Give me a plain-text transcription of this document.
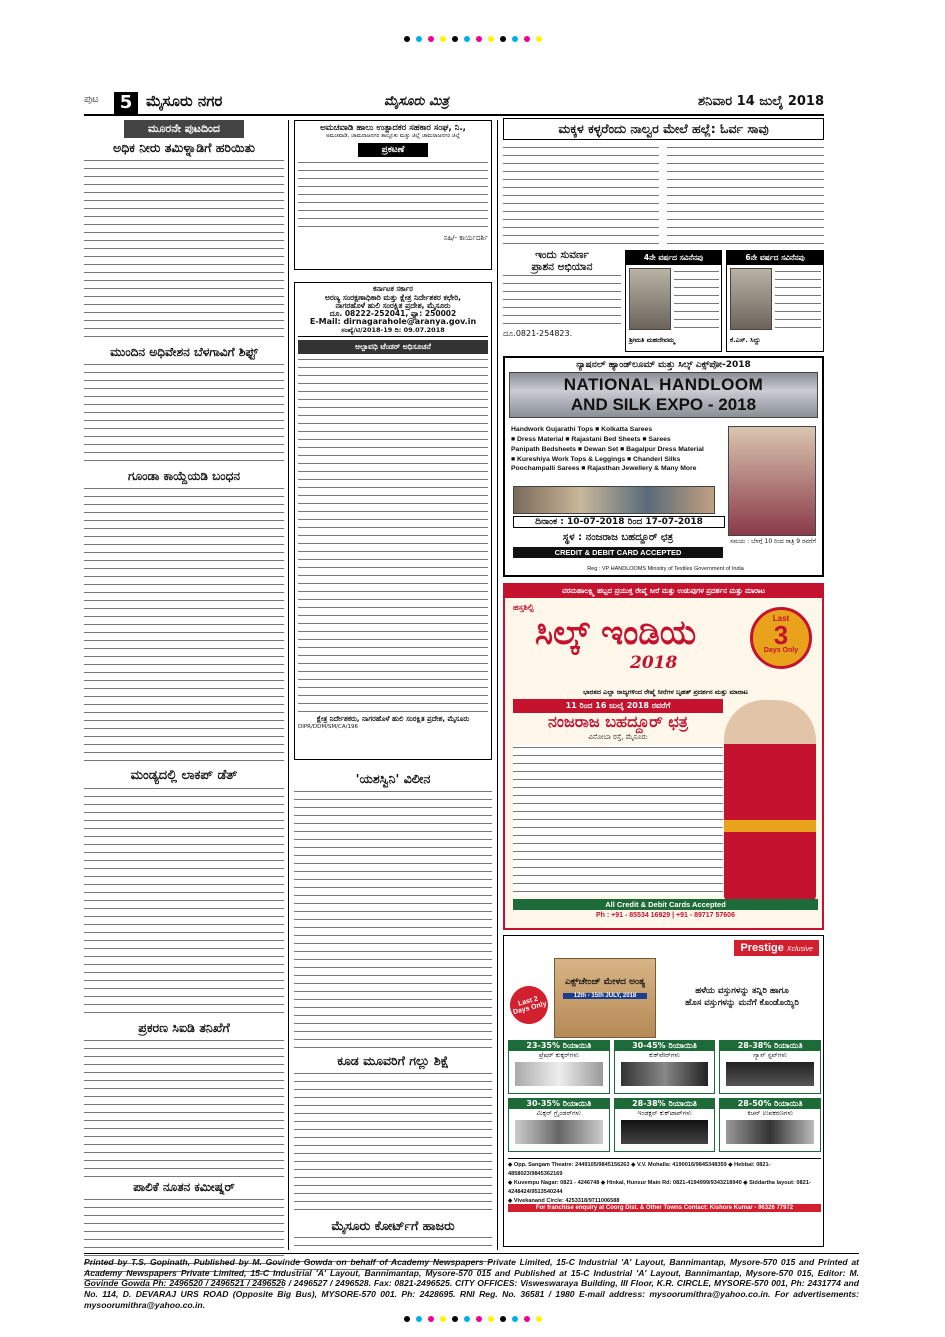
ಪುಟ	5 ಮೈಸೂರು ನಗರ	ಮೈಸೂರು ಮಿತ್ರ	ಶನಿವಾರ 14 ಜುಲೈ 2018
ಮೂರನೇ ಪುಟದಿಂದ
ಅಧಿಕ ನೀರು ತಮಿಳ್ನಾಡಿಗೆ ಹರಿಯಿತು
ಮುಂದಿನ ಅಧಿವೇಶನ ಬೆಳಗಾವಿಗೆ ಶಿಫ್ಟ್
ಗೂಂಡಾ ಕಾಯ್ದೆಯಡಿ ಬಂಧನ
ಮಂಡ್ಯದಲ್ಲಿ ಲಾಕಪ್ ಡೆತ್
ಪ್ರಕರಣ ಸಿಐಡಿ ತನಿಖೆಗೆ
ಪಾಲಿಕೆ ನೂತನ ಕಮೀಷ್ನರ್
ಅಮಚವಾಡಿ ಹಾಲು ಉತ್ಪಾದಕರ ಸಹಕಾರ ಸಂಘ, ನಿ.,
ಅಮಚವಾಡಿ, ಚಾಮರಾಜನಗರ ತಾಲ್ಲೂಕು ಮತ್ತು ಜಿಲ್ಲೆ ಚಾಮರಾಜನಗರ ಜಿಲ್ಲೆ
ಪ್ರಕಟಣೆ
ಸಹಿ/- ಕಾರ್ಯದರ್ಶಿ
ಕರ್ನಾಟಕ ಸರ್ಕಾರ
ಅರಣ್ಯ ಸಂರಕ್ಷಣಾಧಿಕಾರಿ ಮತ್ತು ಕ್ಷೇತ್ರ ನಿರ್ದೇಶಕರ ಕಛೇರಿ,
ನಾಗರಹೊಳೆ ಹುಲಿ ಸಂರಕ್ಷಿತ ಪ್ರದೇಶ, ಮೈಸೂರು
ದೂ. 08222-252041, ಫ್ಯಾ: 250002
E-Mail: dirnagarahole@aranya.gov.in
ಸಂಖ್ಯೆ/ಟಿ/2018-19 ದಿ: 09.07.2018
ಅಲ್ಪಾವಧಿ ಟೆಂಡರ್ ಅಧಿಸೂಚನೆ
ಕ್ಷೇತ್ರ ನಿರ್ದೇಶಕರು, ನಾಗರಹೊಳೆ ಹುಲಿ ಸಂರಕ್ಷಿತ ಪ್ರದೇಶ, ಮೈಸೂರು
DIPR/DDM/SM/CA/196
'ಯಶಸ್ವಿನಿ' ವಿಲೀನ
ಕೂಡ ಮೂವರಿಗೆ ಗಲ್ಲು ಶಿಕ್ಷೆ
ಮೈಸೂರು ಕೋರ್ಟ್‌ಗೆ ಹಾಜರು
ಮಕ್ಕಳ ಕಳ್ಳರೆಂದು ನಾಲ್ವರ ಮೇಲೆ ಹಲ್ಲೆ: ಓರ್ವ ಸಾವು
ಇಂದು ಸುವರ್ಣ
ಪ್ರಾಶನ ಅಭಿಯಾನ
ದೂ.0821-254823.
4ನೇ ವರ್ಷದ ಸವಿನೆನಪು
ಶ್ರೀಮತಿ ಮಹದೇವಮ್ಮ
6ನೇ ವರ್ಷದ ಸವಿನೆನಪು
ಕೆ.ಎಸ್. ಸಿದ್ದು
ನ್ಯಾಷನಲ್ ಹ್ಯಾಂಡ್‌ಲೂಮ್ ಮತ್ತು ಸಿಲ್ಕ್ ಎಕ್ಸ್‌ಪೋ-2018
NATIONAL HANDLOOM
AND SILK EXPO - 2018
Handwork Gujarathi Tops ■ Kolkatta Sarees
■ Dress Material ■ Rajastani Bed Sheets ■ Sarees
Panipath Bedsheets ■ Dewan Set ■ Bagalpur Dress Material
■ Kureshiya Work Tops & Leggings ■ Chanderi Silks
Poochampalli Sarees ■ Rajasthan Jewellery & Many More
ದಿನಾಂಕ : 10-07-2018 ರಿಂದ 17-07-2018
ಸ್ಥಳ : ನಂಜರಾಜ ಬಹದ್ದೂರ್ ಛತ್ರ
CREDIT & DEBIT CARD ACCEPTED
ಸಮಯ : ಬೆಳಗ್ಗೆ 10 ರಿಂದ ರಾತ್ರಿ 9 ರವರೆಗೆ
Reg : VP HANDLOOMS Ministry of Textiles Government of India
ವರಮಹಾಲಕ್ಷ್ಮಿ ಹಬ್ಬದ ಪ್ರಯುಕ್ತ ರೇಷ್ಮೆ ಸೀರೆ ಮತ್ತು ಉಡುಪುಗಳ ಪ್ರದರ್ಶನ ಮತ್ತು ಮಾರಾಟ
ಹಸ್ತಶಿಲ್ಪಿ
ಸಿಲ್ಕ್ ಇಂಡಿಯ
2018
Last
3
Days Only
ಭಾರತದ ಎಲ್ಲಾ ರಾಜ್ಯಗಳಿಂದ ರೇಷ್ಮೆ ಸೀರೆಗಳ ಬೃಹತ್ ಪ್ರದರ್ಶನ ಮತ್ತು ಮಾರಾಟ
11 ರಿಂದ 16 ಜುಲೈ 2018 ರವರೆಗೆ
ನಂಜರಾಜ ಬಹದ್ದೂರ್ ಛತ್ರ
ವಿನೋಬಾ ರಸ್ತೆ, ಮೈಸೂರು
All Credit & Debit Cards Accepted
Ph : +91 - 85534 16929 | +91 - 89717 57606
Prestige Xclusive
Last 2 Days Only
ಎಕ್ಸ್‌ಚೇಂಜ್ ಮೇಳದ ಅಂತ್ಯ
12th - 15th JULY, 2018	ಹಳೆಯ ವಸ್ತುಗಳನ್ನು ತನ್ನಿರಿ ಹಾಗೂ
ಹೊಸ ವಸ್ತುಗಳನ್ನು ಮನೆಗೆ ಕೊಂಡೊಯ್ಯಿರಿ
23-35% ರಿಯಾಯಿತಿ
ಪ್ರೆಷರ್ ಕುಕ್ಕರ್‌ಗಳು
30-45% ರಿಯಾಯಿತಿ
ಕುಕ್‌ವೇರ್‌ಗಳು
28-38% ರಿಯಾಯಿತಿ
ಗ್ಯಾಸ್ ಸ್ಟವ್‌ಗಳು
30-35% ರಿಯಾಯಿತಿ
ಮಿಕ್ಸರ್ ಗ್ರೈಂಡರ್‌ಗಳು
28-38% ರಿಯಾಯಿತಿ
ಇಂಡಕ್ಷನ್ ಕುಕ್‌ಟಾಪ್‌ಗಳು
28-50% ರಿಯಾಯಿತಿ
ಕಿಚನ್ ಉಪಕರಣಗಳು
◆ Opp. Sangam Theatre: 2449105/9845156263 ◆ V.V. Mohalla: 4190016/9845348359 ◆ Hebbal: 0821- 4858023/9845362169
◆ Kuvempu Nagar: 0821 - 4246748 ◆ Hinkal, Hunsur Main Rd: 0821-4194999/9343218940 ◆ Siddartha layout: 0821-4248424/9513540244
◆ Vivekanand Circle: 4253318/9711006588
For franchise enquiry at Coorg Dist. & Other Towns Contact: Kishore Kumar - 96326 77972
Printed by T.S. Gopinath, Published by M. Govinde Gowda on behalf of Academy Newspapers Private Limited, 15-C Industrial 'A' Layout, Bannimantap, Mysore-570 015 and Printed at Academy Newspapers Private Limited, 15-C Industrial 'A' Layout, Bannimantap, Mysore-570 015 and Published at 15-C Industrial 'A' Layout, Bannimantap, Mysore-570 015, Editor: M. Govinde Gowda Ph: 2496520 / 2496521 / 2496526 / 2496527 / 2496528. Fax: 0821-2496525. CITY OFFICES: Visweswaraya Building, III Floor, K.R. CIRCLE, MYSORE-570 001, Ph: 2431774 and No. 114, D. DEVARAJ URS ROAD (Opposite Big Bus), MYSORE-570 001. Ph: 2428695. RNI Reg. No. 36581 / 1980 E-mail address: mysoorumithra@yahoo.co.in. For advertisements: mysoorumithra@yahoo.co.in.
